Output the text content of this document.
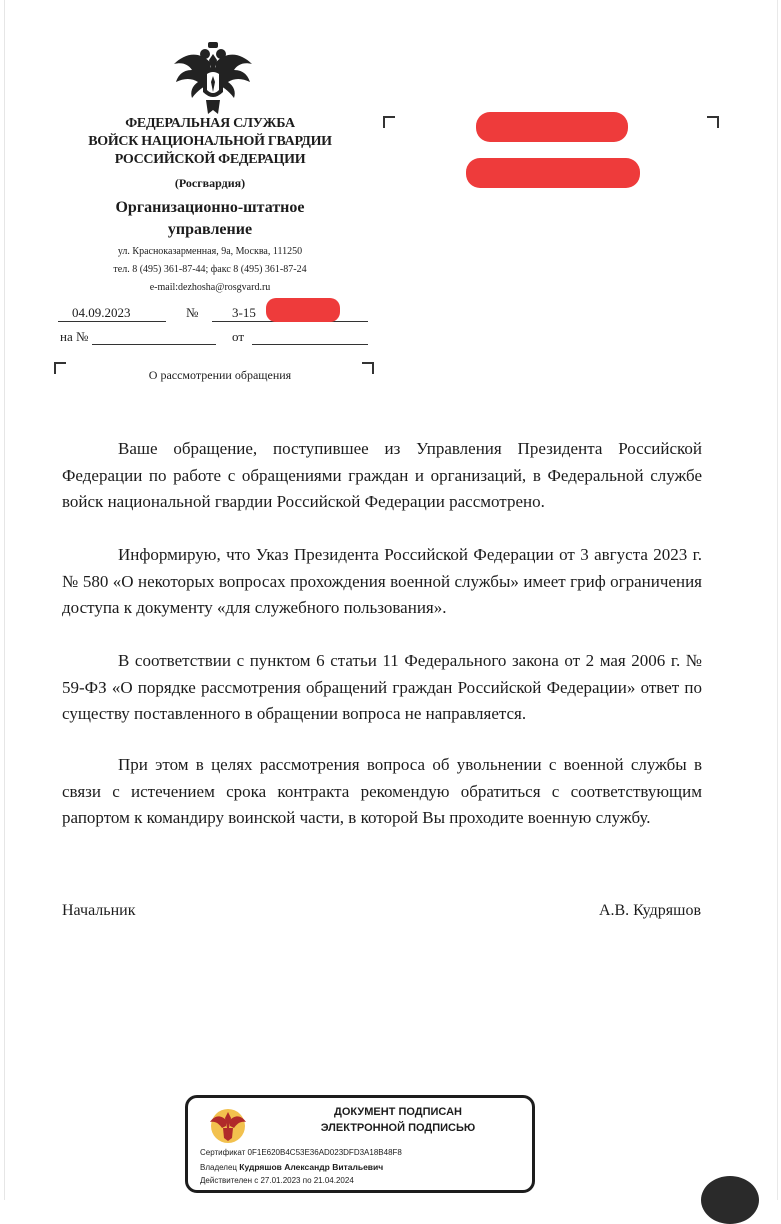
ФЕДЕРАЛЬНАЯ СЛУЖБА
ВОЙСК НАЦИОНАЛЬНОЙ ГВАРДИИ
РОССИЙСКОЙ ФЕДЕРАЦИИ
(Росгвардия)
Организационно-штатное
управление
ул. Красноказарменная, 9а, Москва, 111250
тел. 8 (495) 361-87-44; факс 8 (495) 361-87-24
e-mail:dezhosha@rosgvard.ru
04.09.2023	№	3-15
на №	от
О рассмотрении обращения
Ваше обращение, поступившее из Управления Президента Российской Федерации по работе с обращениями граждан и организаций, в Федеральной службе войск национальной гвардии Российской Федерации рассмотрено.
Информирую, что Указ Президента Российской Федерации от 3 августа 2023 г. № 580 «О некоторых вопросах прохождения военной службы» имеет гриф ограничения доступа к документу «для служебного пользования».
В соответствии с пунктом 6 статьи 11 Федерального закона от 2 мая 2006 г. № 59-ФЗ «О порядке рассмотрения обращений граждан Российской Федерации» ответ по существу поставленного в обращении вопроса не направляется.
При этом в целях рассмотрения вопроса об увольнении с военной службы в связи с истечением срока контракта рекомендую обратиться с соответствующим рапортом к командиру воинской части, в которой Вы проходите военную службу.
Начальник	А.В. Кудряшов
ДОКУМЕНТ ПОДПИСАН
ЭЛЕКТРОННОЙ ПОДПИСЬЮ
Сертификат 0F1E620B4C53E36AD023DFD3A18B48F8
Владелец Кудряшов Александр Витальевич
Действителен с 27.01.2023 по 21.04.2024
